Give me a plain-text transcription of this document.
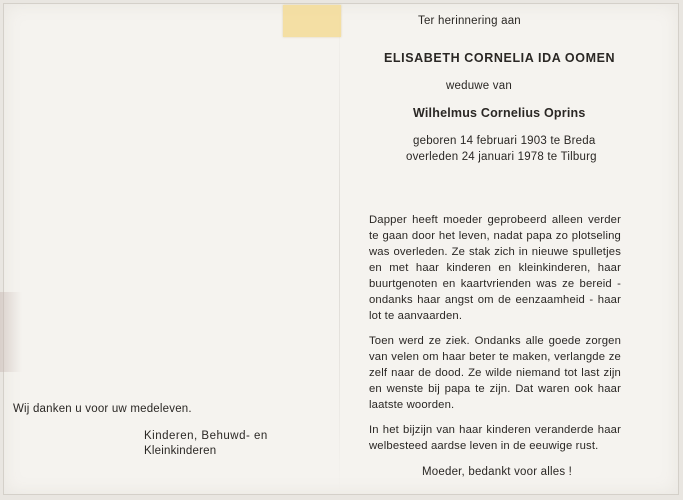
Ter herinnering aan
ELISABETH CORNELIA IDA OOMEN
weduwe van
Wilhelmus Cornelius Oprins
geboren 14 februari 1903 te Breda
overleden 24 januari 1978 te Tilburg

Dapper heeft moeder geprobeerd alleen verder te gaan door het leven, nadat papa zo plotseling was overleden. Ze stak zich in nieuwe spulletjes en met haar kinderen en kleinkinderen, haar buurtgenoten en kaartvrienden was ze bereid - ondanks haar angst om de eenzaamheid - haar lot te aanvaarden.

Toen werd ze ziek. Ondanks alle goede zorgen van velen om haar beter te maken, verlangde ze zelf naar de dood. Ze wilde niemand tot last zijn en wenste bij papa te zijn. Dat waren ook haar laatste woorden.

In het bijzijn van haar kinderen veranderde haar welbesteed aardse leven in de eeuwige rust.

Moeder, bedankt voor alles !
Wij danken u voor uw medeleven.
Kinderen, Behuwd- en
Kleinkinderen
